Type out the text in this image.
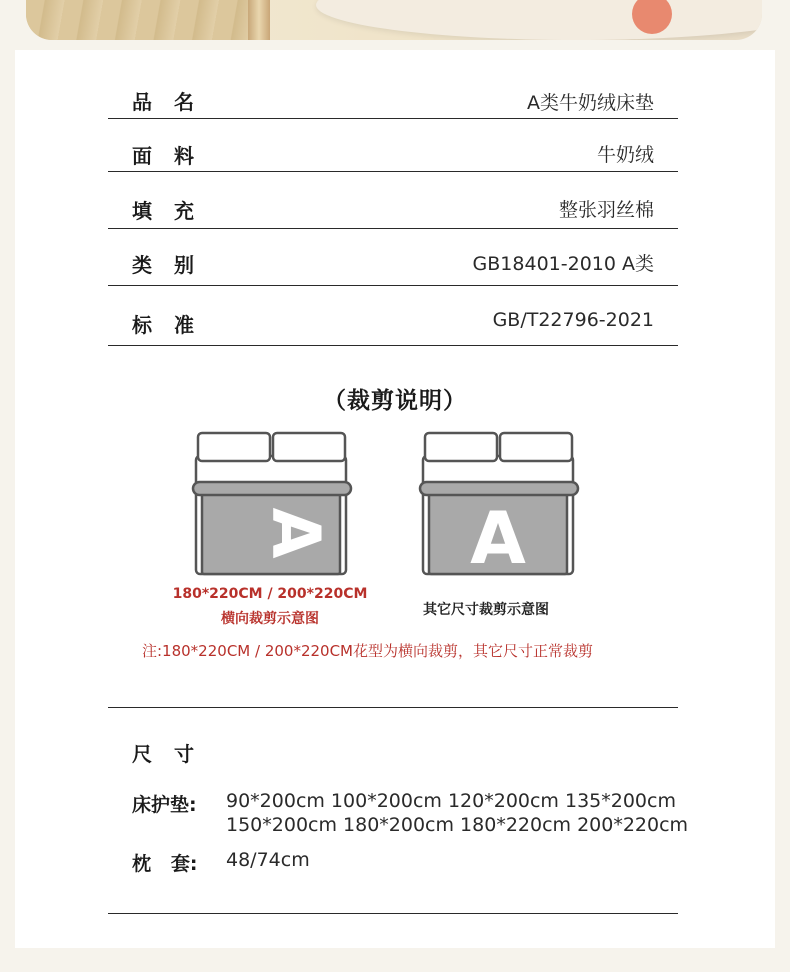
品名	A类牛奶绒床垫
面料	牛奶绒
填充	整张羽丝棉
类别	GB18401-2010 A类
标准	GB/T22796-2021
（裁剪说明）
A A
180*220CM / 200*220CM
横向裁剪示意图
其它尺寸裁剪示意图
注:180*220CM / 200*220CM花型为横向裁剪，其它尺寸正常裁剪
尺寸
床护垫: 90*200cm 100*200cm 120*200cm 135*200cm
150*200cm 180*200cm 180*220cm 200*220cm
枕   套: 48/74cm
